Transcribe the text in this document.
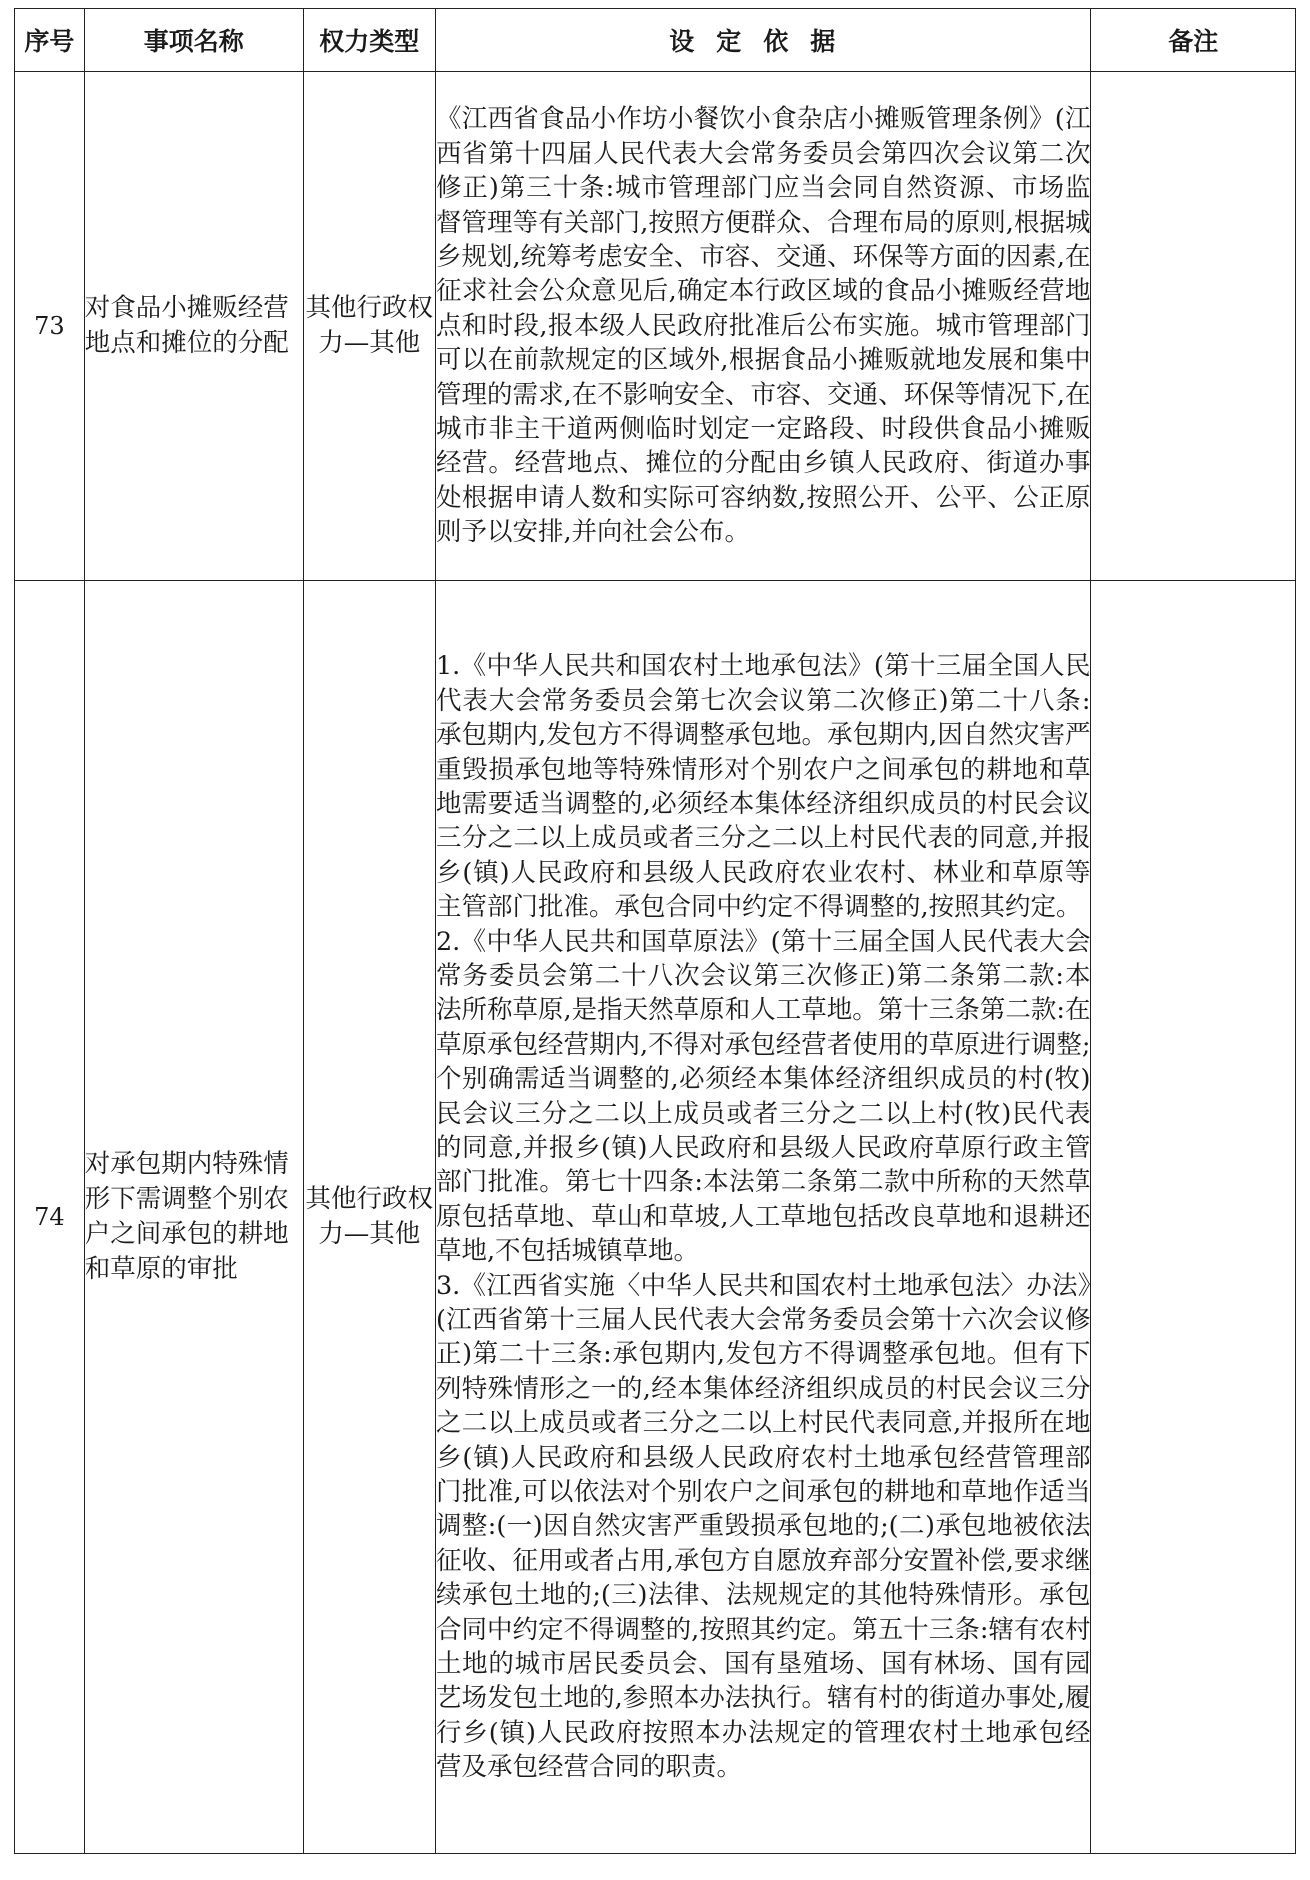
序号	事项名称	权力类型	设定依据	备注
73	对食品小摊贩经营地点和摊位的分配	其他行政权力—其他	《江西省食品小作坊小餐饮小食杂店小摊贩管理条例》(江西省第十四届人民代表大会常务委员会第四次会议第二次修正)第三十条:城市管理部门应当会同自然资源、市场监督管理等有关部门,按照方便群众、合理布局的原则,根据城乡规划,统筹考虑安全、市容、交通、环保等方面的因素,在征求社会公众意见后,确定本行政区域的食品小摊贩经营地点和时段,报本级人民政府批准后公布实施。城市管理部门可以在前款规定的区域外,根据食品小摊贩就地发展和集中管理的需求,在不影响安全、市容、交通、环保等情况下,在城市非主干道两侧临时划定一定路段、时段供食品小摊贩经营。经营地点、摊位的分配由乡镇人民政府、街道办事处根据申请人数和实际可容纳数,按照公开、公平、公正原则予以安排,并向社会公布。	

74	对承包期内特殊情形下需调整个别农户之间承包的耕地和草原的审批	其他行政权力—其他	1.《中华人民共和国农村土地承包法》(第十三届全国人民代表大会常务委员会第七次会议第二次修正)第二十八条:承包期内,发包方不得调整承包地。承包期内,因自然灾害严重毁损承包地等特殊情形对个别农户之间承包的耕地和草地需要适当调整的,必须经本集体经济组织成员的村民会议三分之二以上成员或者三分之二以上村民代表的同意,并报乡(镇)人民政府和县级人民政府农业农村、林业和草原等主管部门批准。承包合同中约定不得调整的,按照其约定。
2.《中华人民共和国草原法》(第十三届全国人民代表大会常务委员会第二十八次会议第三次修正)第二条第二款:本法所称草原,是指天然草原和人工草地。第十三条第二款:在草原承包经营期内,不得对承包经营者使用的草原进行调整;个别确需适当调整的,必须经本集体经济组织成员的村(牧)民会议三分之二以上成员或者三分之二以上村(牧)民代表的同意,并报乡(镇)人民政府和县级人民政府草原行政主管部门批准。第七十四条:本法第二条第二款中所称的天然草原包括草地、草山和草坡,人工草地包括改良草地和退耕还草地,不包括城镇草地。
3.《江西省实施〈中华人民共和国农村土地承包法〉办法》(江西省第十三届人民代表大会常务委员会第十六次会议修正)第二十三条:承包期内,发包方不得调整承包地。但有下列特殊情形之一的,经本集体经济组织成员的村民会议三分之二以上成员或者三分之二以上村民代表同意,并报所在地乡(镇)人民政府和县级人民政府农村土地承包经营管理部门批准,可以依法对个别农户之间承包的耕地和草地作适当调整:(一)因自然灾害严重毁损承包地的;(二)承包地被依法征收、征用或者占用,承包方自愿放弃部分安置补偿,要求继续承包土地的;(三)法律、法规规定的其他特殊情形。承包合同中约定不得调整的,按照其约定。第五十三条:辖有农村土地的城市居民委员会、国有垦殖场、国有林场、国有园艺场发包土地的,参照本办法执行。辖有村的街道办事处,履行乡(镇)人民政府按照本办法规定的管理农村土地承包经营及承包经营合同的职责。	
